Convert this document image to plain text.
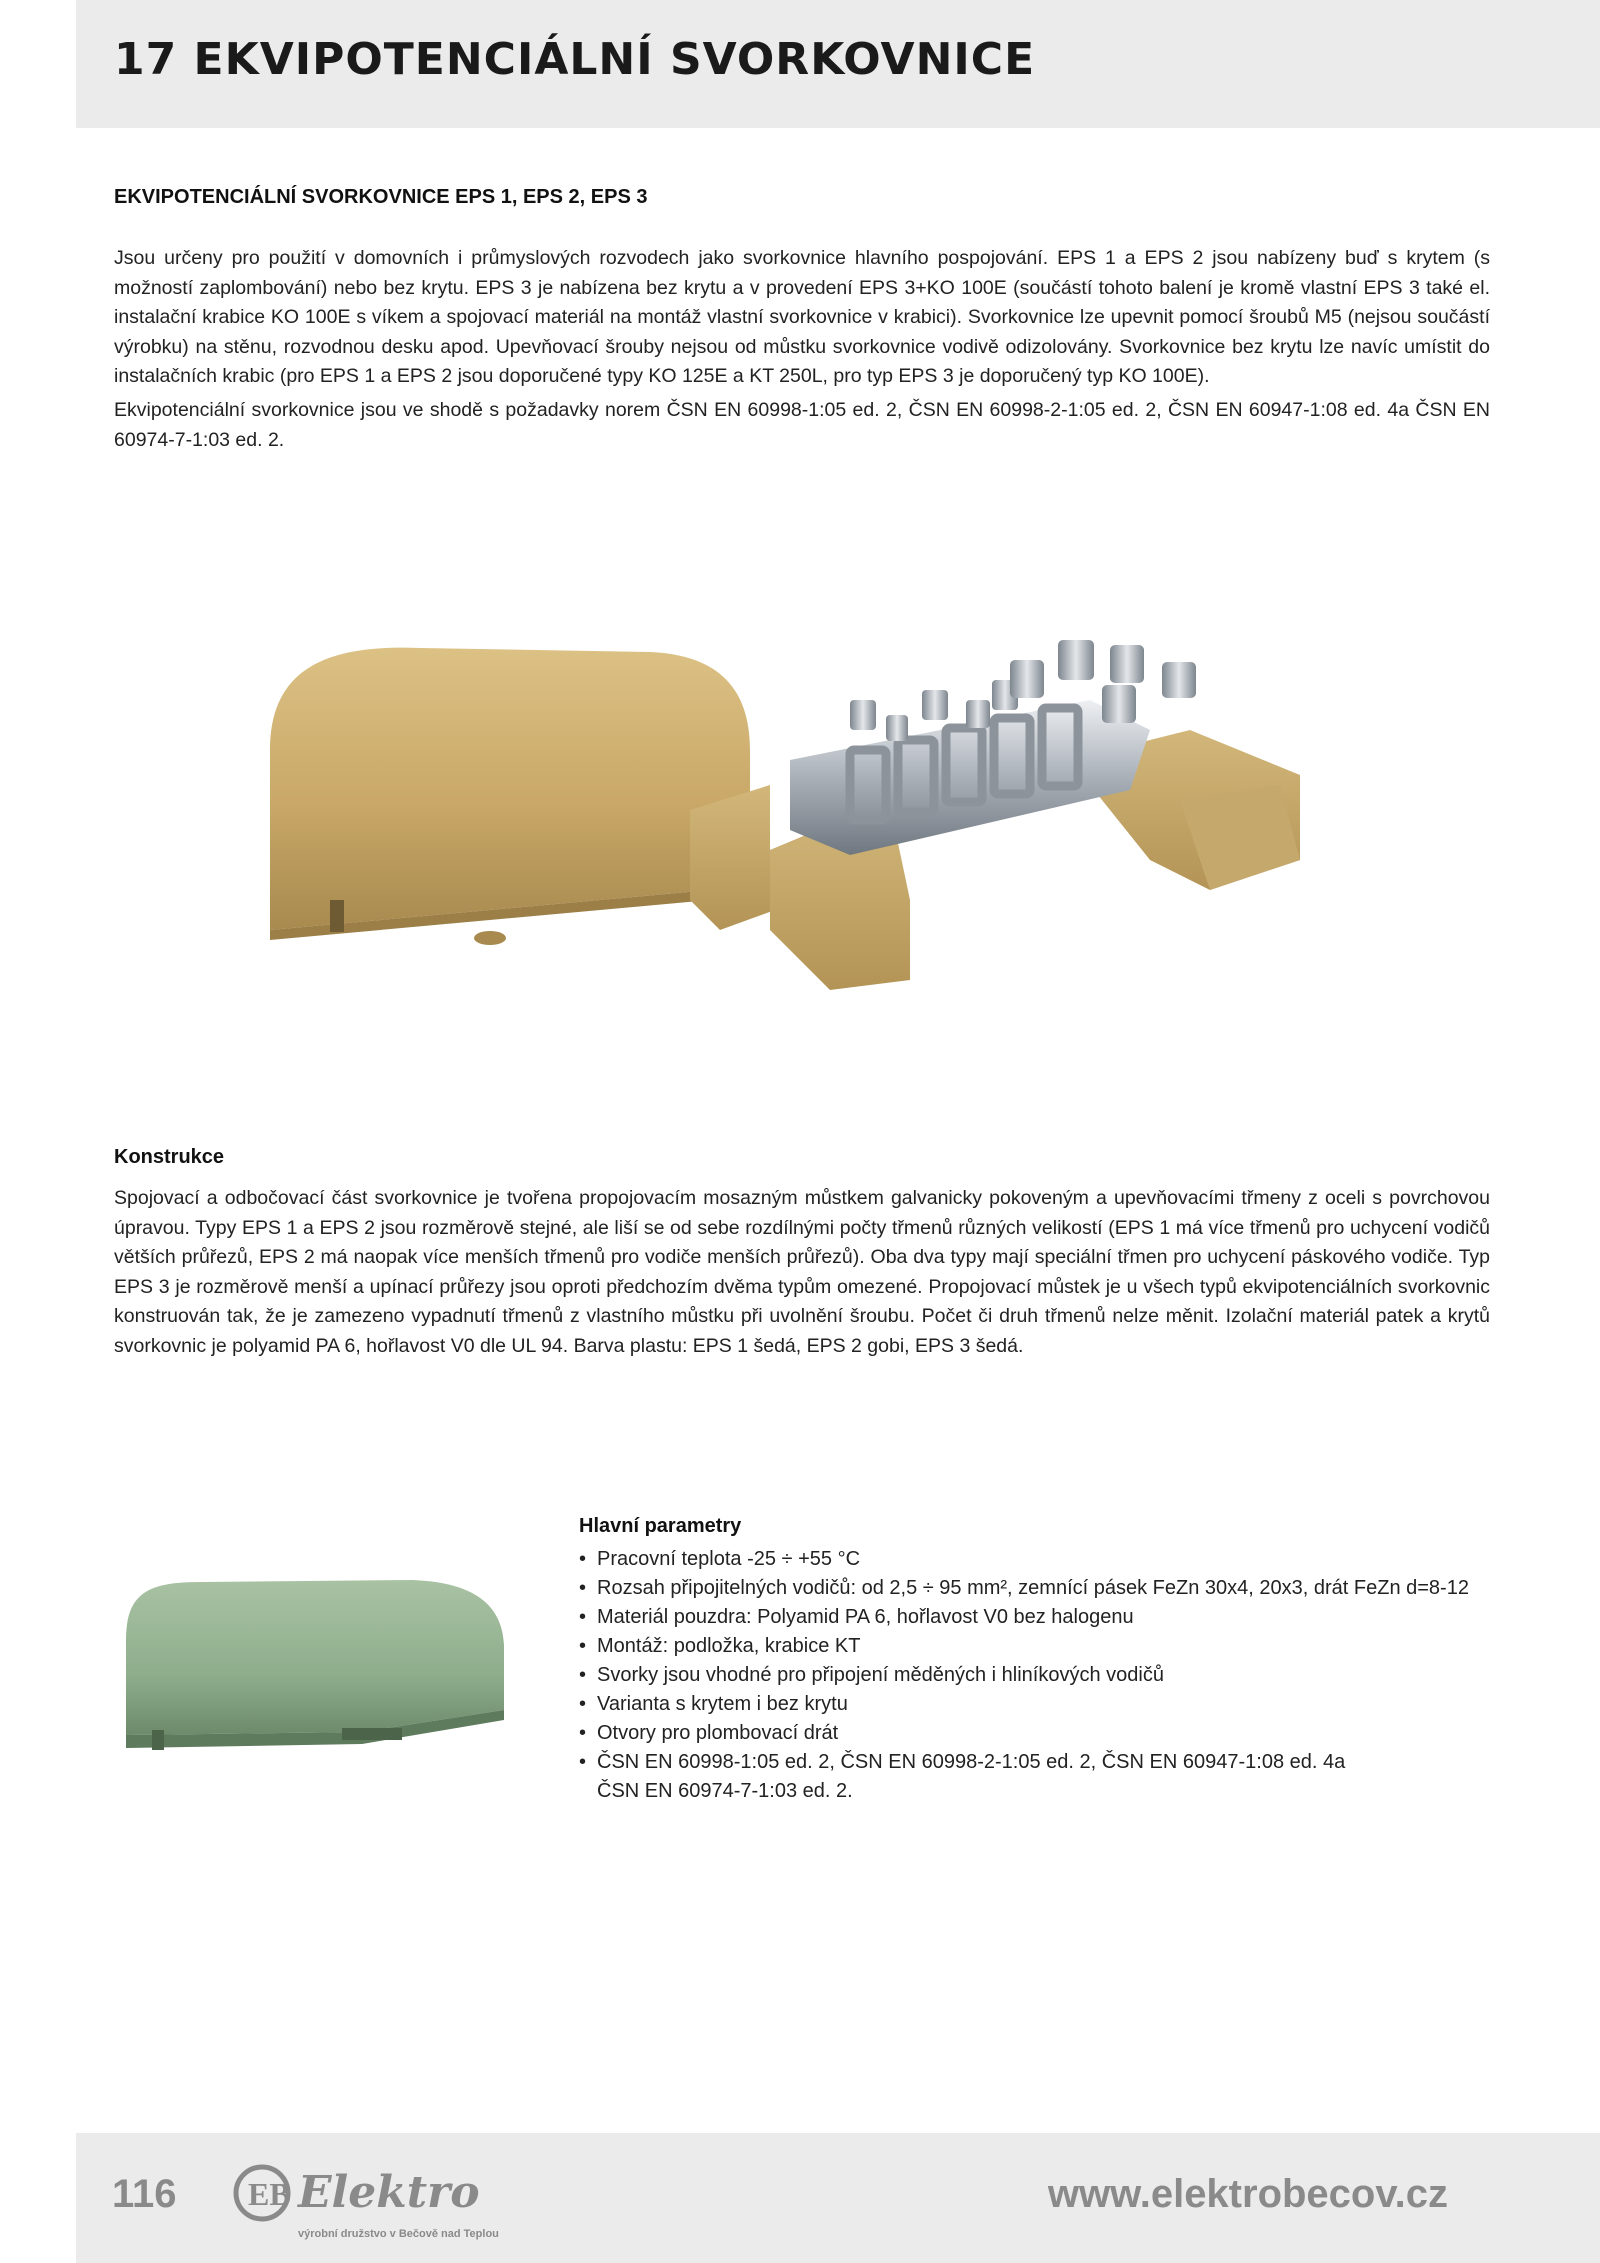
17 EKVIPOTENCIÁLNÍ SVORKOVNICE
EKVIPOTENCIÁLNÍ SVORKOVNICE EPS 1, EPS 2, EPS 3

Jsou určeny pro použití v domovních i průmyslových rozvodech jako svorkovnice hlavního pospojování. EPS 1 a EPS 2 jsou nabízeny buď s krytem (s možností zaplombování) nebo bez krytu. EPS 3 je nabízena bez krytu a v provedení EPS 3+KO 100E (součástí tohoto balení je kromě vlastní EPS 3 také el. instalační krabice KO 100E s víkem a spojovací materiál na montáž vlastní svorkovnice v krabici). Svorkovnice lze upevnit pomocí šroubů M5 (nejsou součástí výrobku) na stěnu, rozvodnou desku apod. Upevňovací šrouby nejsou od můstku svorkovnice vodivě odizolovány. Svorkovnice bez krytu lze navíc umístit do instalačních krabic (pro EPS 1 a EPS 2 jsou doporučené typy KO 125E a KT 250L, pro typ EPS 3 je doporučený typ KO 100E).

Ekvipotenciální svorkovnice jsou ve shodě s požadavky norem ČSN EN 60998-1:05 ed. 2, ČSN EN 60998-2-1:05 ed. 2, ČSN EN 60947-1:08 ed. 4a ČSN EN 60974-7-1:03 ed. 2.

Konstrukce

Spojovací a odbočovací část svorkovnice je tvořena propojovacím mosazným můstkem galvanicky pokoveným a upevňovacími třmeny z oceli s povrchovou úpravou. Typy EPS 1 a EPS 2 jsou rozměrově stejné, ale liší se od sebe rozdílnými počty třmenů různých velikostí (EPS 1 má více třmenů pro uchycení vodičů větších průřezů, EPS 2 má naopak více menších třmenů pro vodiče menších průřezů). Oba dva typy mají speciální třmen pro uchycení páskového vodiče. Typ EPS 3 je rozměrově menší a upínací průřezy jsou oproti předchozím dvěma typům omezené. Propojovací můstek je u všech typů ekvipotenciálních svorkovnic konstruován tak, že je zamezeno vypadnutí třmenů z vlastního můstku při uvolnění šroubu. Počet či druh třmenů nelze měnit. Izolační materiál patek a krytů svorkovnic je polyamid PA 6, hořlavost V0 dle UL 94. Barva plastu: EPS 1 šedá, EPS 2 gobi, EPS 3 šedá.

Hlavní parametry
• Pracovní teplota -25 ÷ +55 °C
• Rozsah připojitelných vodičů: od 2,5 ÷ 95 mm², zemnící pásek FeZn 30x4, 20x3, drát FeZn d=8-12
• Materiál pouzdra: Polyamid PA 6, hořlavost V0 bez halogenu
• Montáž: podložka, krabice KT
• Svorky jsou vhodné pro připojení měděných i hliníkových vodičů
• Varianta s krytem i bez krytu
• Otvory pro plombovací drát
• ČSN EN 60998-1:05 ed. 2, ČSN EN 60998-2-1:05 ed. 2, ČSN EN 60947-1:08 ed. 4a
ČSN EN 60974-7-1:03 ed. 2.
116 EB Elektro
výrobní družstvo v Bečově nad Teplou
www.elektrobecov.cz
